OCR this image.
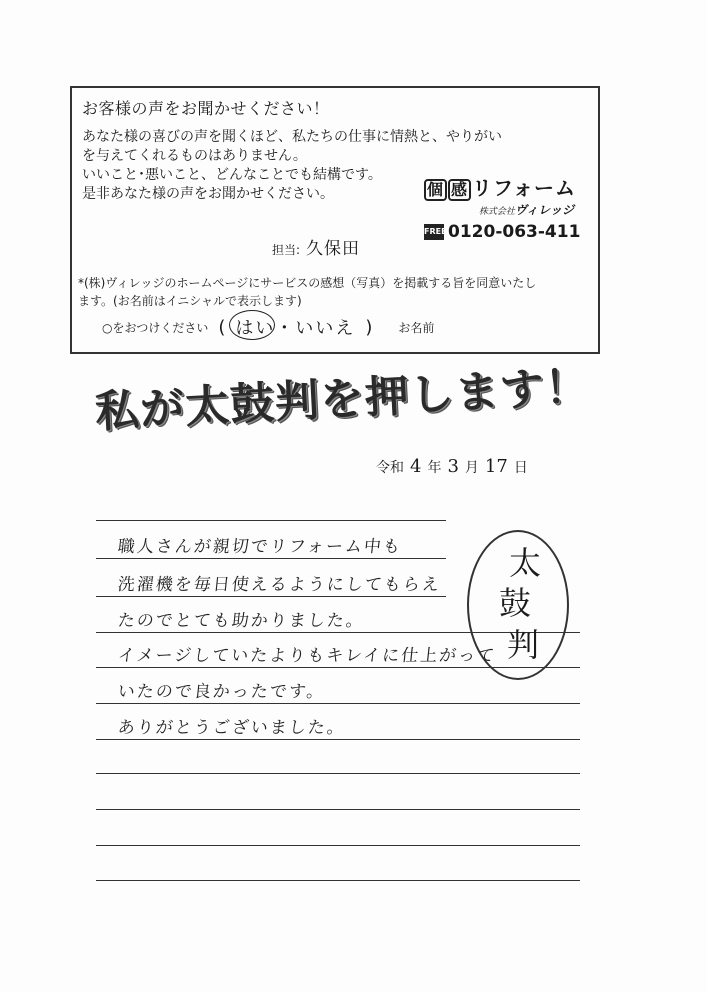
お客様の声をお聞かせください！
あなた様の喜びの声を聞くほど、私たちの仕事に情熱と、やりがい
を与えてくれるものはありません。
いいこと･悪いこと、どんなことでも結構です。
是非あなた様の声をお聞かせください。	個 感 リフォーム
株式会社ヴィレッジ
FREE 0120-063-411
担当: 久保田
*(株)ヴィレッジのホームページにサービスの感想（写真）を掲載する旨を同意いたし
ます。(お名前はイニシャルで表示します)
○をおつけください ( はい ・ いいえ ) お名前
私が太鼓判を押します！
令和 4 年 3 月 17 日
職人さんが親切でリフォーム中も
洗濯機を毎日使えるようにしてもらえ
たのでとても助かりました。
イメージしていたよりもキレイに仕上がって
いたので良かったです。
ありがとうございました。
太
鼓
判
